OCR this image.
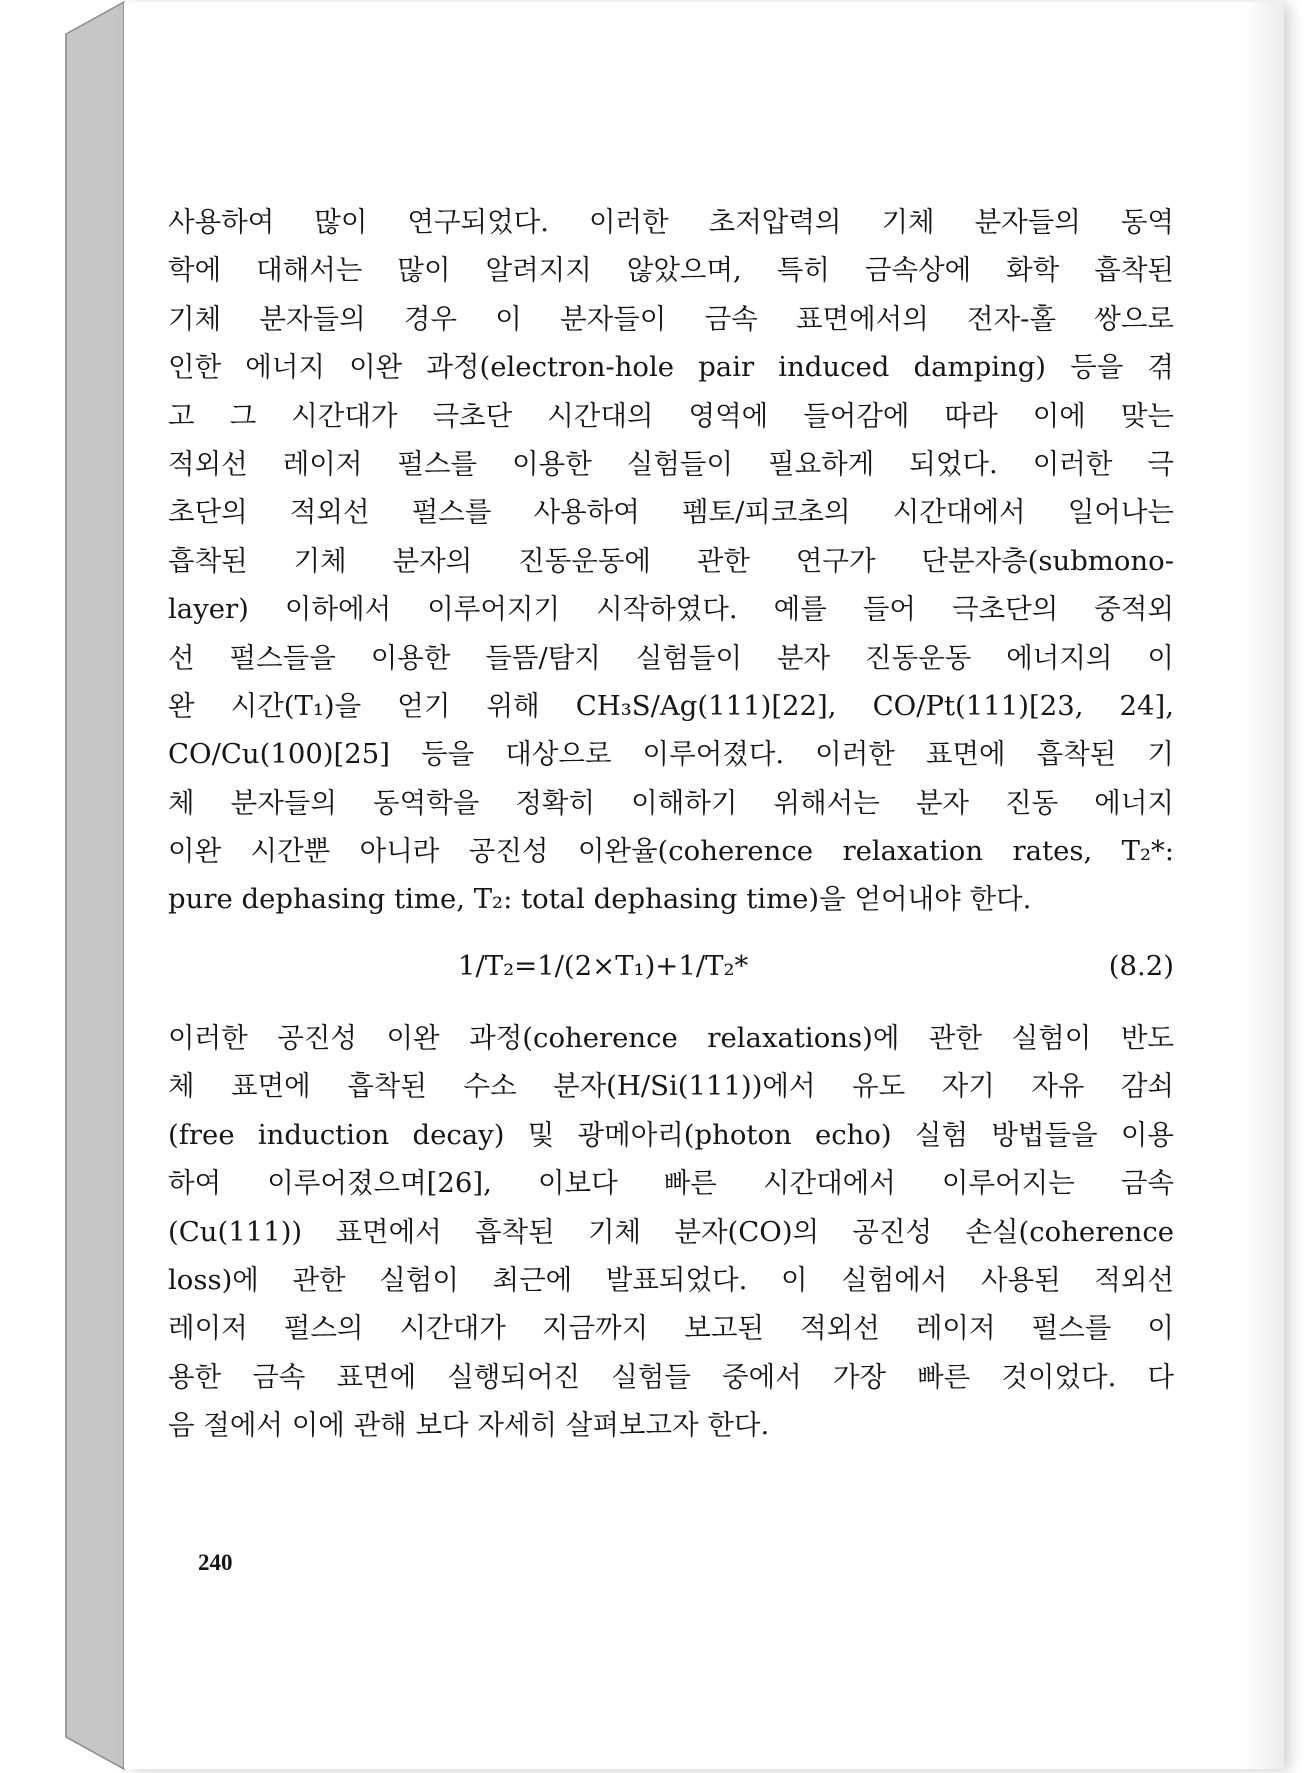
사용하여 많이 연구되었다. 이러한 초저압력의 기체 분자들의 동역
학에 대해서는 많이 알려지지 않았으며, 특히 금속상에 화학 흡착된
기체 분자들의 경우 이 분자들이 금속 표면에서의 전자-홀 쌍으로
인한 에너지 이완 과정(electron-hole pair induced damping) 등을 겪
고 그 시간대가 극초단 시간대의 영역에 들어감에 따라 이에 맞는
적외선 레이저 펄스를 이용한 실험들이 필요하게 되었다. 이러한 극
초단의 적외선 펄스를 사용하여 펨토/피코초의 시간대에서 일어나는
흡착된 기체 분자의 진동운동에 관한 연구가 단분자층(submono-
layer) 이하에서 이루어지기 시작하였다. 예를 들어 극초단의 중적외
선 펄스들을 이용한 들뜸/탐지 실험들이 분자 진동운동 에너지의 이
완 시간(T₁)을 얻기 위해 CH₃S/Ag(111)[22], CO/Pt(111)[23, 24],
CO/Cu(100)[25] 등을 대상으로 이루어졌다. 이러한 표면에 흡착된 기
체 분자들의 동역학을 정확히 이해하기 위해서는 분자 진동 에너지
이완 시간뿐 아니라 공진성 이완율(coherence relaxation rates, T₂*:
pure dephasing time, T₂: total dephasing time)을 얻어내야 한다.
1/T₂=1/(2×T₁)+1/T₂*	(8.2)
이러한 공진성 이완 과정(coherence relaxations)에 관한 실험이 반도
체 표면에 흡착된 수소 분자(H/Si(111))에서 유도 자기 자유 감쇠
(free induction decay) 및 광메아리(photon echo) 실험 방법들을 이용
하여 이루어졌으며[26], 이보다 빠른 시간대에서 이루어지는 금속
(Cu(111)) 표면에서 흡착된 기체 분자(CO)의 공진성 손실(coherence
loss)에 관한 실험이 최근에 발표되었다. 이 실험에서 사용된 적외선
레이저 펄스의 시간대가 지금까지 보고된 적외선 레이저 펄스를 이
용한 금속 표면에 실행되어진 실험들 중에서 가장 빠른 것이었다. 다
음 절에서 이에 관해 보다 자세히 살펴보고자 한다.
240
